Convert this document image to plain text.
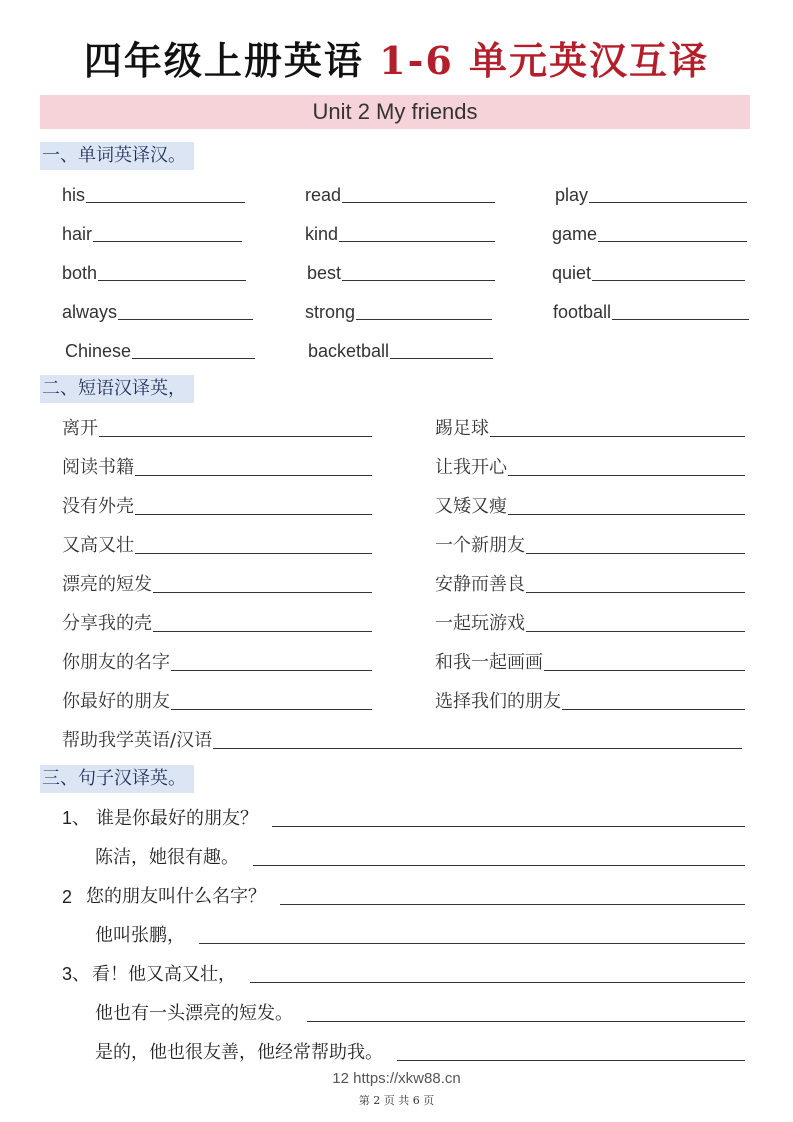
四年级上册英语 1-6 单元英汉互译
Unit 2 My friends
一、单词英译汉。
his	read	play
hair	kind	game
both	best	quiet
always	strong	football
Chinese	backetball
二、短语汉译英，
离开	踢足球
阅读书籍	让我开心
没有外壳	又矮又瘦
又高又壮	一个新朋友
漂亮的短发	安静而善良
分享我的壳	一起玩游戏
你朋友的名字	和我一起画画
你最好的朋友	选择我们的朋友
帮助我学英语/汉语
三、句子汉译英。
1、 谁是你最好的朋友？
陈洁，她很有趣。
2 您的朋友叫什么名字？
他叫张鹏，
3、 看！他又高又壮，
他也有一头漂亮的短发。
是的，他也很友善，他经常帮助我。
12 https://xkw88.cn
第 2 页 共 6 页
